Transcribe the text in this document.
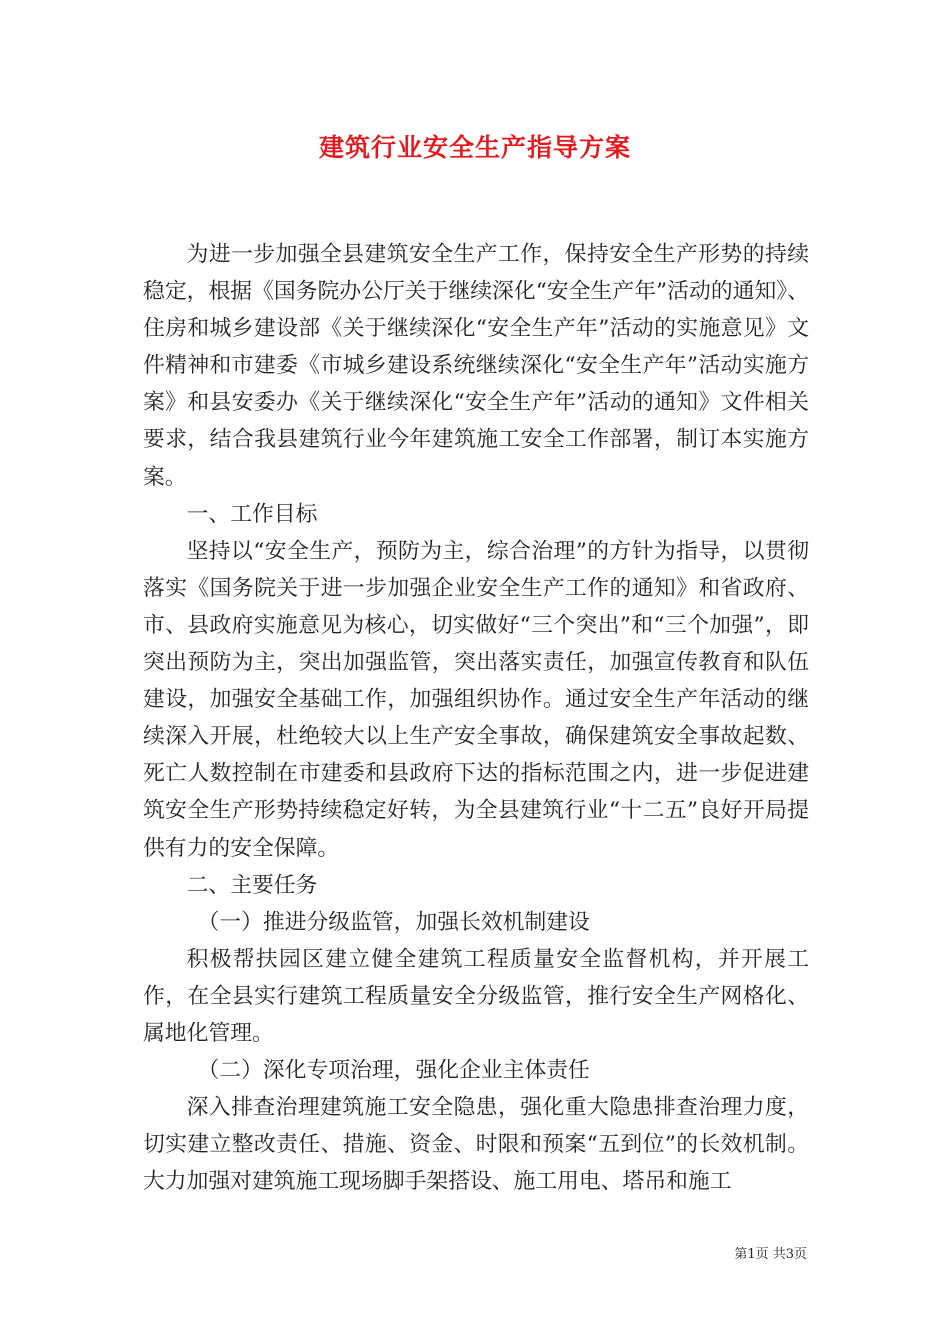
建筑行业安全生产指导方案

为进一步加强全县建筑安全生产工作，保持安全生产形势的持续稳定，根据《国务院办公厅关于继续深化“安全生产年”活动的通知》、住房和城乡建设部《关于继续深化“安全生产年”活动的实施意见》文件精神和市建委《市城乡建设系统继续深化“安全生产年”活动实施方案》和县安委办《关于继续深化“安全生产年”活动的通知》文件相关要求，结合我县建筑行业今年建筑施工安全工作部署，制订本实施方案。

一、工作目标

坚持以“安全生产，预防为主，综合治理”的方针为指导，以贯彻落实《国务院关于进一步加强企业安全生产工作的通知》和省政府、市、县政府实施意见为核心，切实做好“三个突出”和“三个加强”，即突出预防为主，突出加强监管，突出落实责任，加强宣传教育和队伍建设，加强安全基础工作，加强组织协作。通过安全生产年活动的继续深入开展，杜绝较大以上生产安全事故，确保建筑安全事故起数、死亡人数控制在市建委和县政府下达的指标范围之内，进一步促进建筑安全生产形势持续稳定好转，为全县建筑行业“十二五”良好开局提供有力的安全保障。

二、主要任务

（一）推进分级监管，加强长效机制建设

积极帮扶园区建立健全建筑工程质量安全监督机构，并开展工作，在全县实行建筑工程质量安全分级监管，推行安全生产网格化、属地化管理。

（二）深化专项治理，强化企业主体责任

深入排查治理建筑施工安全隐患，强化重大隐患排查治理力度，切实建立整改责任、措施、资金、时限和预案“五到位”的长效机制。大力加强对建筑施工现场脚手架搭设、施工用电、塔吊和施工

第1页 共3页
